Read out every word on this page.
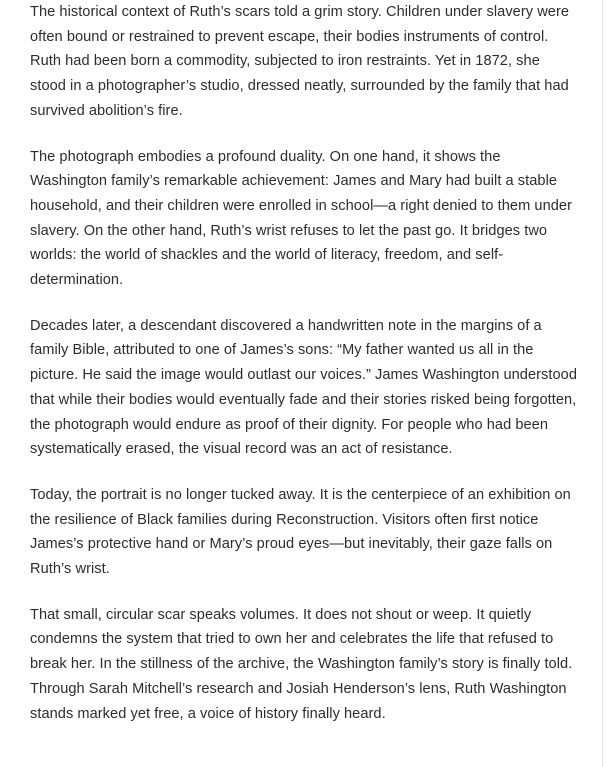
The historical context of Ruth’s scars told a grim story. Children under slavery were often bound or restrained to prevent escape, their bodies instruments of control. Ruth had been born a commodity, subjected to iron restraints. Yet in 1872, she stood in a photographer’s studio, dressed neatly, surrounded by the family that had survived abolition’s fire.

The photograph embodies a profound duality. On one hand, it shows the Washington family’s remarkable achievement: James and Mary had built a stable household, and their children were enrolled in school—a right denied to them under slavery. On the other hand, Ruth’s wrist refuses to let the past go. It bridges two worlds: the world of shackles and the world of literacy, freedom, and self-determination.

Decades later, a descendant discovered a handwritten note in the margins of a family Bible, attributed to one of James’s sons: “My father wanted us all in the picture. He said the image would outlast our voices.” James Washington understood that while their bodies would eventually fade and their stories risked being forgotten, the photograph would endure as proof of their dignity. For people who had been systematically erased, the visual record was an act of resistance.

Today, the portrait is no longer tucked away. It is the centerpiece of an exhibition on the resilience of Black families during Reconstruction. Visitors often first notice James’s protective hand or Mary’s proud eyes—but inevitably, their gaze falls on Ruth’s wrist.

That small, circular scar speaks volumes. It does not shout or weep. It quietly condemns the system that tried to own her and celebrates the life that refused to break her. In the stillness of the archive, the Washington family’s story is finally told. Through Sarah Mitchell’s research and Josiah Henderson’s lens, Ruth Washington stands marked yet free, a voice of history finally heard.
